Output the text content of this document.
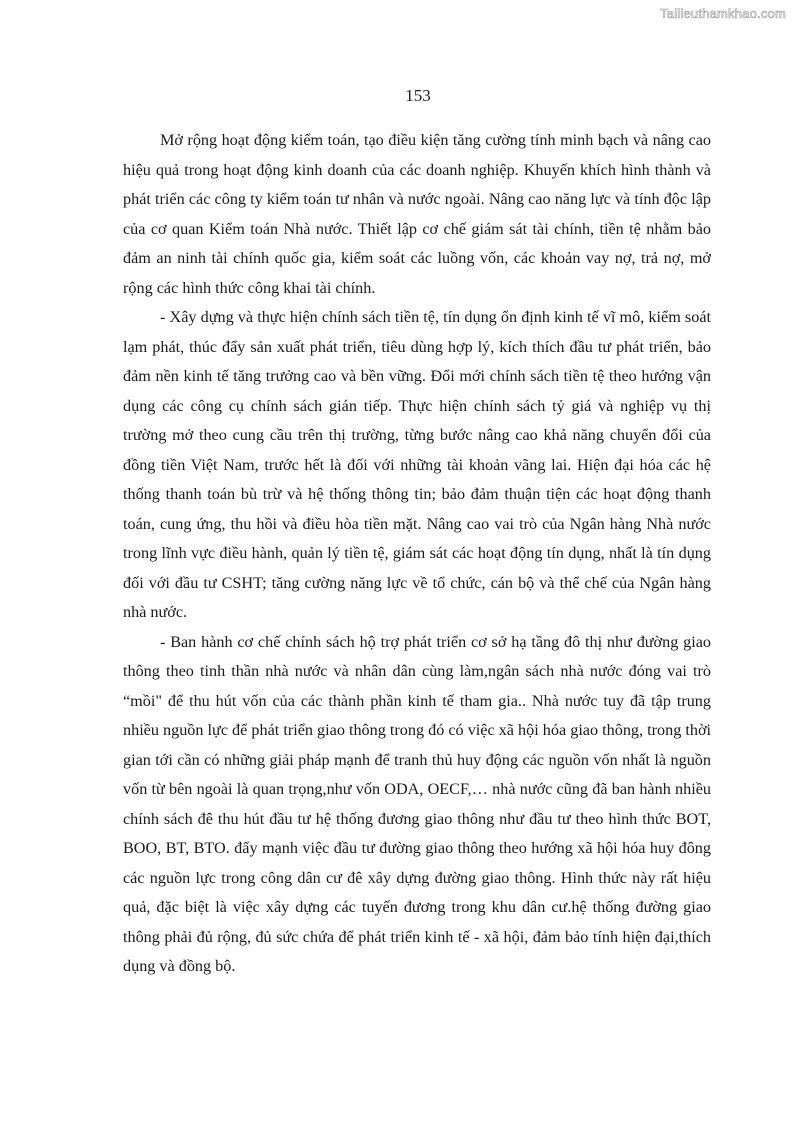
Tailieuthamkhao.com
153

Mở rộng hoạt động kiểm toán, tạo điều kiện tăng cường tính minh bạch và nâng cao hiệu quả trong hoạt động kinh doanh của các doanh nghiệp. Khuyến khích hình thành và phát triển các công ty kiểm toán tư nhân và nước ngoài. Nâng cao năng lực và tính độc lập của cơ quan Kiểm toán Nhà nước. Thiết lập cơ chế giám sát tài chính, tiền tệ nhằm bảo đảm an ninh tài chính quốc gia, kiểm soát các luồng vốn, các khoản vay nợ, trả nợ, mở rộng các hình thức công khai tài chính.

- Xây dựng và thực hiện chính sách tiền tệ, tín dụng ổn định kinh tế vĩ mô, kiểm soát lạm phát, thúc đẩy sản xuất phát triển, tiêu dùng hợp lý, kích thích đầu tư phát triển, bảo đảm nền kinh tế tăng trưởng cao và bền vững. Đổi mới chính sách tiền tệ theo hướng vận dụng các công cụ chính sách gián tiếp. Thực hiện chính sách tỷ giá và nghiệp vụ thị trường mở theo cung cầu trên thị trường, từng bước nâng cao khả năng chuyển đổi của đồng tiền Việt Nam, trước hết là đối với những tài khoản vãng lai. Hiện đại hóa các hệ thống thanh toán bù trừ và hệ thống thông tin; bảo đảm thuận tiện các hoạt động thanh toán, cung ứng, thu hồi và điều hòa tiền mặt. Nâng cao vai trò của Ngân hàng Nhà nước trong lĩnh vực điều hành, quản lý tiền tệ, giám sát các hoạt động tín dụng, nhất là tín dụng đối với đầu tư CSHT; tăng cường năng lực về tổ chức, cán bộ và thể chế của Ngân hàng nhà nước.

- Ban hành cơ chế chính sách hộ trợ phát triển cơ sở hạ tầng đô thị như đường giao thông theo tinh thần nhà nước và nhân dân cùng làm,ngân sách nhà nước đóng vai trò “mồi" để thu hút vốn của các thành phần kinh tế tham gia.. Nhà nước tuy đã tập trung nhiều nguồn lực để phát triển giao thông trong đó có việc xã hội hóa giao thông, trong thời gian tới cần có những giải pháp mạnh để tranh thủ huy động các nguồn vốn nhất là nguồn vốn từ bên ngoài là quan trọng,như vốn ODA, OECF,… nhà nước cũng đã ban hành nhiều chính sách đê thu hút đầu tư hệ thống đương giao thông như đầu tư theo hình thức BOT, BOO, BT, BTO. đẩy mạnh việc đầu tư đường giao thông theo hướng xã hội hóa huy đông các nguồn lực trong công dân cư đê xây dựng đường giao thông. Hình thức này rất hiệu quả, đặc biệt là việc xây dựng các tuyến đương trong khu dân cư.hệ thống đường giao thông phải đủ rộng, đủ sức chứa để phát triển kinh tế - xã hội, đảm bảo tính hiện đại,thích dụng và đồng bộ.
